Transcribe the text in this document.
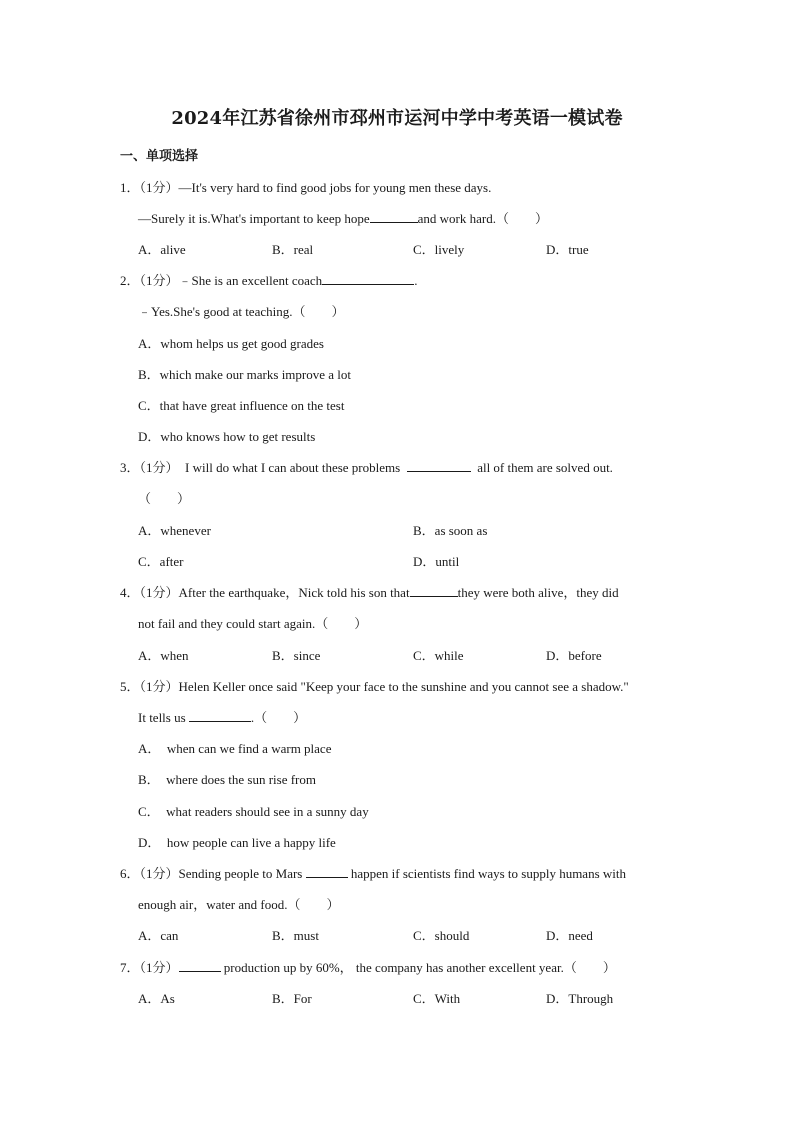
2024年江苏省徐州市邳州市运河中学中考英语一模试卷
一、单项选择
1．（1分）—It's very hard to find good jobs for young men these days.
—Surely it is.What's important to keep hope	and work hard.（　　）
A．alive	B．real	C．lively	D．true
2．（1分）﹣She is an excellent coach	.
﹣Yes.She's good at teaching.（　　）
A．whom helps us get good grades
B．which make our marks improve a lot
C．that have great influence on the test
D．who knows how to get results
3．（1分） I will do what I can about these problems	all of them are solved out.
（　　）
A．whenever	B．as soon as
C．after	D．until
4．（1分）After the earthquake，Nick told his son that	they were both alive，they did
not fail and they could start again.（　　）
A．when	B．since	C．while	D．before
5．（1分）Helen Keller once said "Keep your face to the sunshine and you cannot see a shadow."
It tells us	.（　　）
A．　when can we find a warm place
B．　where does the sun rise from
C．　what readers should see in a sunny day
D．　how people can live a happy life
6．（1分）Sending people to Mars	happen if scientists find ways to supply humans with
enough air，water and food.（　　）
A．can	B．must	C．should	D．need
7．（1分）	production up by 60%， the company has another excellent year.（　　）
A．As	B．For	C．With	D．Through
